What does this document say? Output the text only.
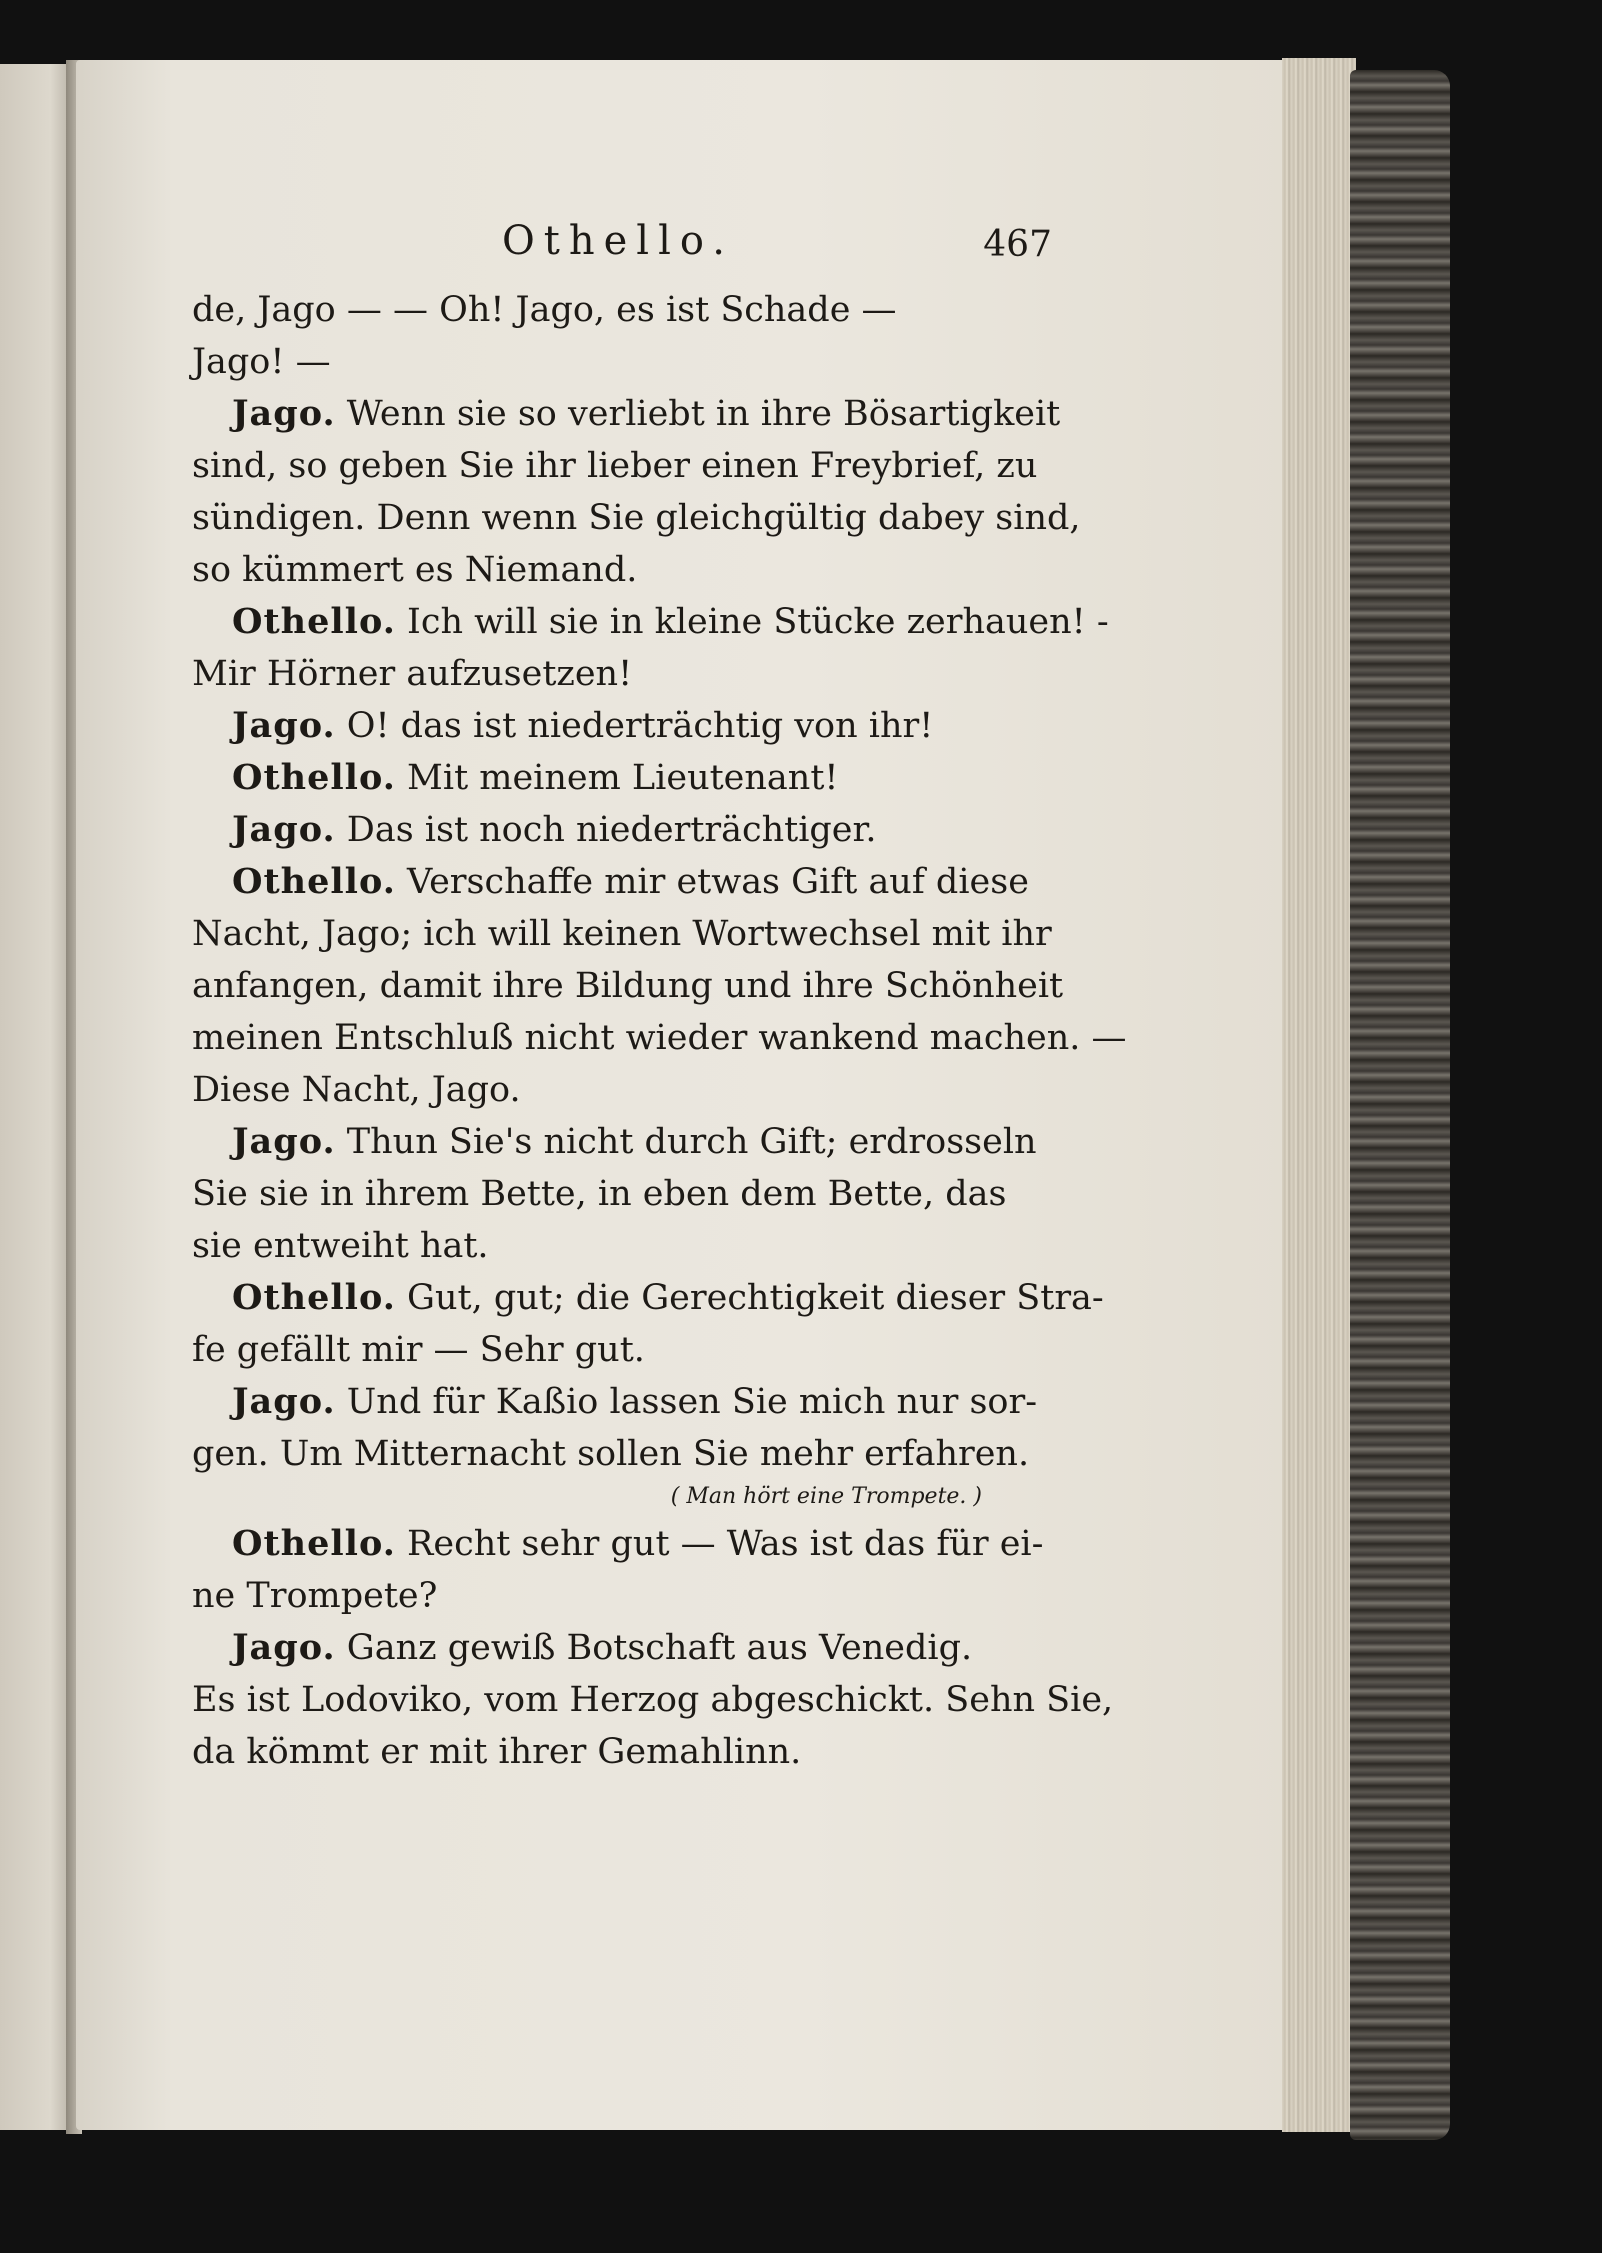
Othello.	467
de, Jago — — Oh! Jago, es ist Schade —
Jago! —
Jago. Wenn sie so verliebt in ihre Bösartigkeit
sind, so geben Sie ihr lieber einen Freybrief, zu
sündigen. Denn wenn Sie gleichgültig dabey sind,
so kümmert es Niemand.
Othello. Ich will sie in kleine Stücke zerhauen! -
Mir Hörner aufzusetzen!
Jago. O! das ist niederträchtig von ihr!
Othello. Mit meinem Lieutenant!
Jago. Das ist noch niederträchtiger.
Othello. Verschaffe mir etwas Gift auf diese
Nacht, Jago; ich will keinen Wortwechsel mit ihr
anfangen, damit ihre Bildung und ihre Schönheit
meinen Entschluß nicht wieder wankend machen. —
Diese Nacht, Jago.
Jago. Thun Sie's nicht durch Gift; erdrosseln
Sie sie in ihrem Bette, in eben dem Bette, das
sie entweiht hat.
Othello. Gut, gut; die Gerechtigkeit dieser Stra-
fe gefällt mir — Sehr gut.
Jago. Und für Kaßio lassen Sie mich nur sor-
gen. Um Mitternacht sollen Sie mehr erfahren.
( Man hört eine Trompete. )
Othello. Recht sehr gut — Was ist das für ei-
ne Trompete?
Jago. Ganz gewiß Botschaft aus Venedig.
Es ist Lodoviko, vom Herzog abgeschickt. Sehn Sie,
da kömmt er mit ihrer Gemahlinn.
